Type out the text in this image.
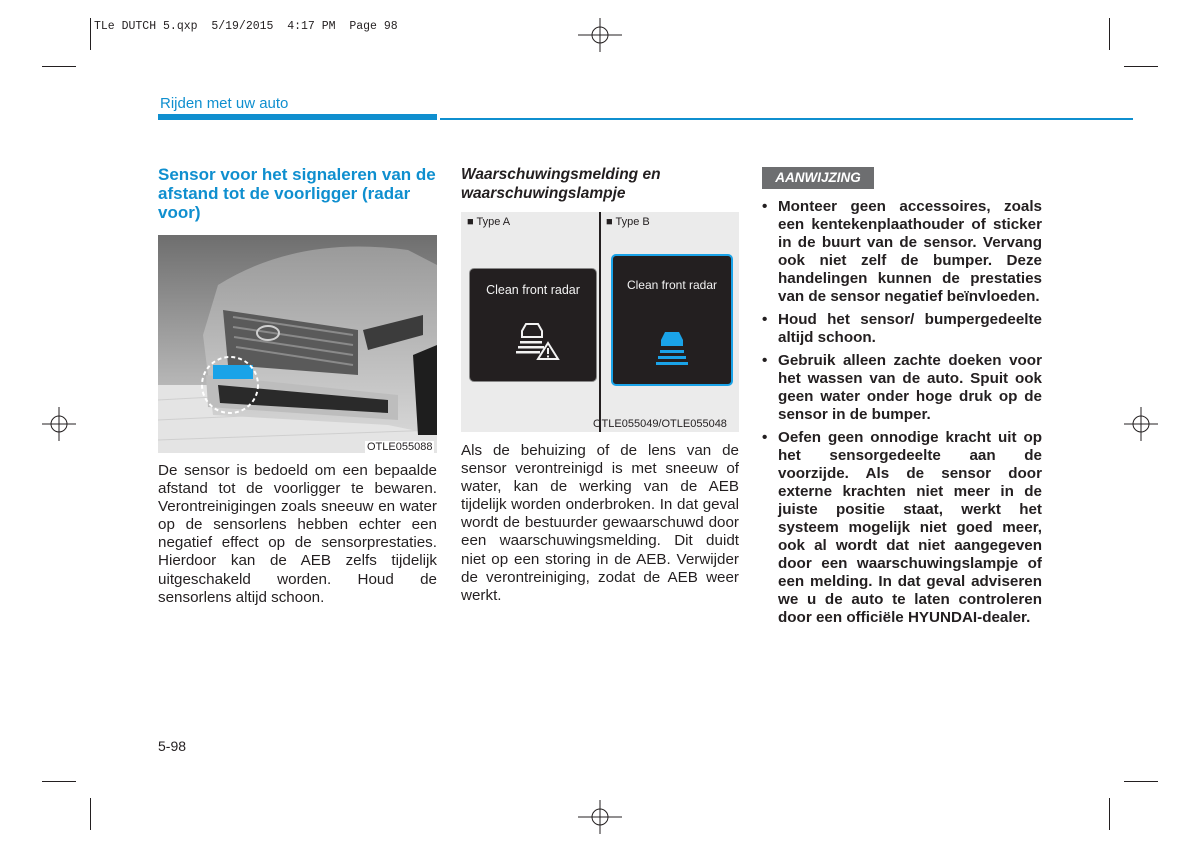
TLe DUTCH 5.qxp  5/19/2015  4:17 PM  Page 98
Rijden met uw auto
Sensor voor het signaleren van de afstand tot de voorligger (radar voor)
OTLE055088
De sensor is bedoeld om een bepaalde afstand tot de voorligger te bewaren. Verontreinigingen zoals sneeuw en water op de sensorlens hebben echter een negatief effect op de sensorprestaties. Hierdoor kan de AEB zelfs tijdelijk uitgeschakeld worden. Houd de sensorlens altijd schoon.
Waarschuwingsmelding en waarschuwingslampje
■ Type A	■ Type B
Clean front radar	Clean front radar
OTLE055049/OTLE055048
Als de behuizing of de lens van de sensor verontreinigd is met sneeuw of water, kan de werking van de AEB tijdelijk worden onderbroken. In dat geval wordt de bestuurder gewaarschuwd door een waarschuwingsmelding. Dit duidt niet op een storing in de AEB. Verwijder de verontreiniging, zodat de AEB weer werkt.
AANWIJZING
• Monteer geen accessoires, zoals een kentekenplaathouder of sticker in de buurt van de sensor. Vervang ook niet zelf de bumper. Deze handelingen kunnen de prestaties van de sensor negatief beïnvloeden.
• Houd het sensor/ bumpergedeelte altijd schoon.
• Gebruik alleen zachte doeken voor het wassen van de auto. Spuit ook geen water onder hoge druk op de sensor in de bumper.
• Oefen geen onnodige kracht uit op het sensorgedeelte aan de voorzijde. Als de sensor door externe krachten niet meer in de juiste positie staat, werkt het systeem mogelijk niet goed meer, ook al wordt dat niet aangegeven door een waarschuwingslampje of een melding. In dat geval adviseren we u de auto te laten controleren door een officiële HYUNDAI-dealer.
5-98
